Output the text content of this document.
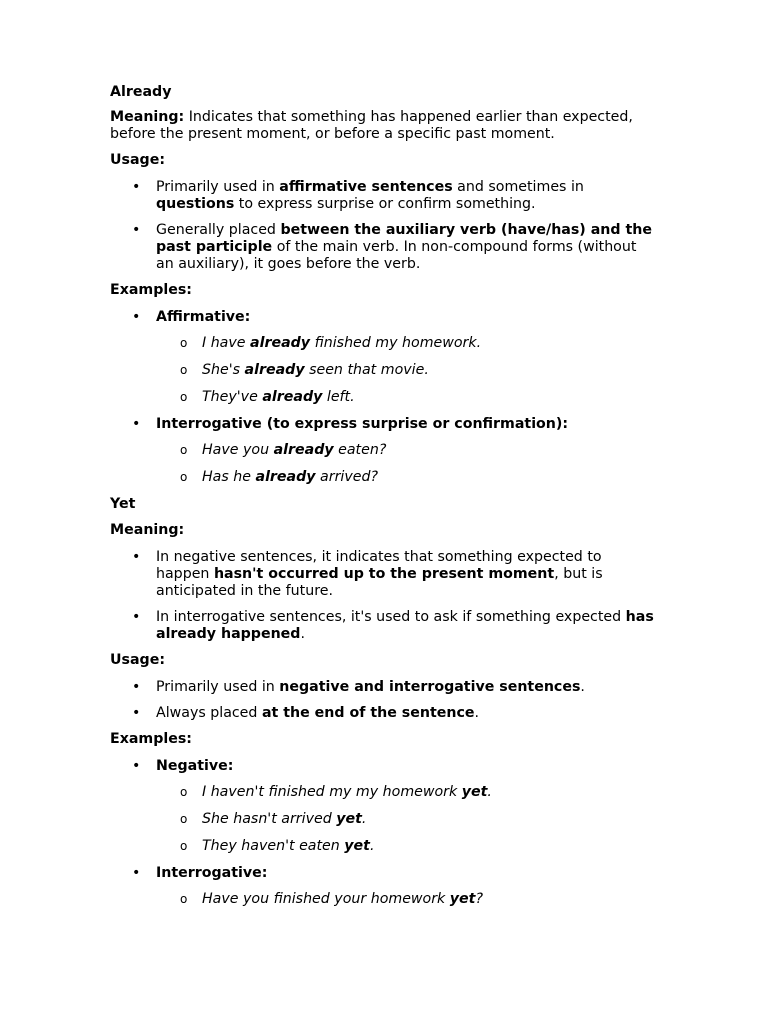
Already
Meaning: Indicates that something has happened earlier than expected,
before the present moment, or before a specific past moment.
Usage:
• Primarily used in affirmative sentences and sometimes in
questions to express surprise or confirm something.
• Generally placed between the auxiliary verb (have/has) and the
past participle of the main verb. In non-compound forms (without
an auxiliary), it goes before the verb.
Examples:
• Affirmative:
o I have already finished my homework.
o She's already seen that movie.
o They've already left.
• Interrogative (to express surprise or confirmation):
o Have you already eaten?
o Has he already arrived?
Yet
Meaning:
• In negative sentences, it indicates that something expected to
happen hasn't occurred up to the present moment, but is
anticipated in the future.
• In interrogative sentences, it's used to ask if something expected has
already happened.
Usage:
• Primarily used in negative and interrogative sentences.
• Always placed at the end of the sentence.
Examples:
• Negative:
o I haven't finished my my homework yet.
o She hasn't arrived yet.
o They haven't eaten yet.
• Interrogative:
o Have you finished your homework yet?
